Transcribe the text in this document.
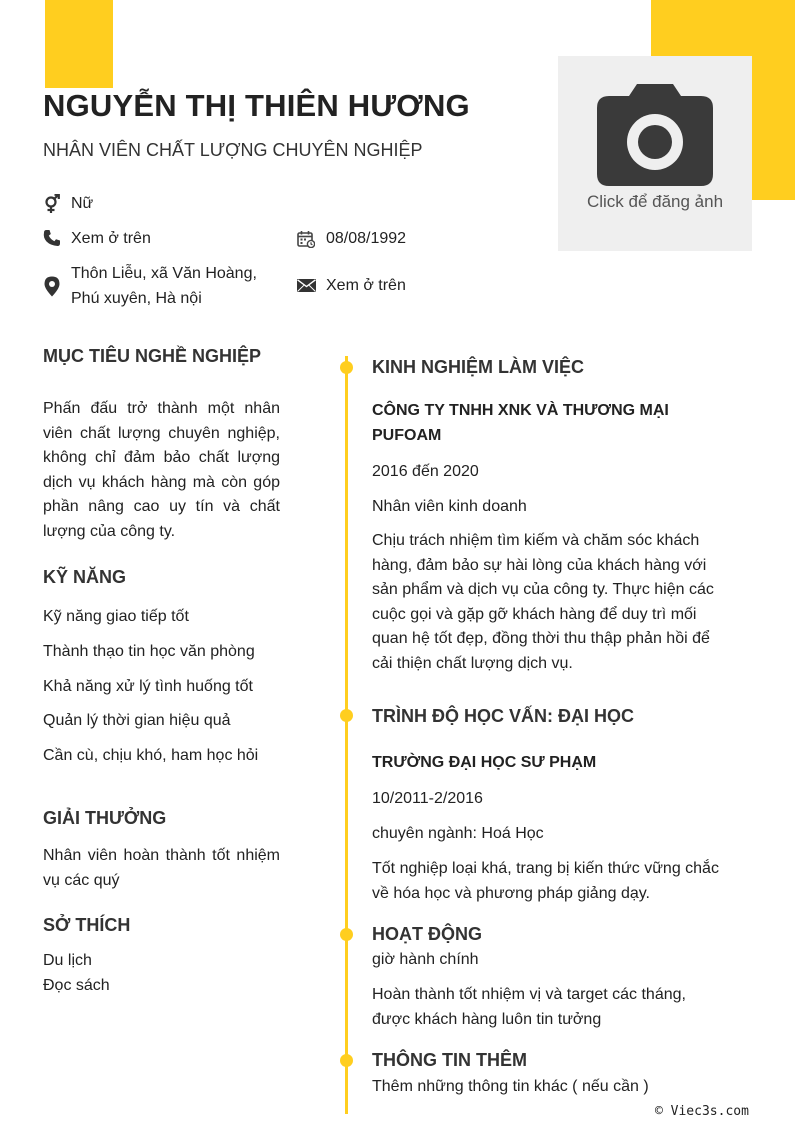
Click để đăng ảnh
NGUYỄN THỊ THIÊN HƯƠNG
NHÂN VIÊN CHẤT LƯỢNG CHUYÊN NGHIỆP
Nữ
Xem ở trên	08/08/1992
Thôn Liễu, xã Văn Hoàng,
Phú xuyên, Hà nội
Xem ở trên
MỤC TIÊU NGHỀ NGHIỆP
Phấn đấu trở thành một nhân viên chất lượng chuyên nghiệp, không chỉ đảm bảo chất lượng dịch vụ khách hàng mà còn góp phần nâng cao uy tín và chất lượng của công ty.
KỸ NĂNG
Kỹ năng giao tiếp tốt
Thành thạo tin học văn phòng
Khả năng xử lý tình huống tốt
Quản lý thời gian hiệu quả
Cần cù, chịu khó, ham học hỏi
GIẢI THƯỞNG
Nhân viên hoàn thành tốt nhiệm vụ các quý
SỞ THÍCH
Du lịch
Đọc sách
KINH NGHIỆM LÀM VIỆC
CÔNG TY TNHH XNK VÀ THƯƠNG MẠI PUFOAM
2016 đến 2020
Nhân viên kinh doanh
Chịu trách nhiệm tìm kiếm và chăm sóc khách hàng, đảm bảo sự hài lòng của khách hàng với sản phẩm và dịch vụ của công ty. Thực hiện các cuộc gọi và gặp gỡ khách hàng để duy trì mối quan hệ tốt đẹp, đồng thời thu thập phản hồi để cải thiện chất lượng dịch vụ.
TRÌNH ĐỘ HỌC VẤN: ĐẠI HỌC
TRƯỜNG ĐẠI HỌC SƯ PHẠM
10/2011-2/2016
chuyên ngành: Hoá Học
Tốt nghiệp loại khá, trang bị kiến thức vững chắc về hóa học và phương pháp giảng dạy.
HOẠT ĐỘNG
giờ hành chính
Hoàn thành tốt nhiệm vị và target các tháng, được khách hàng luôn tin tưởng
THÔNG TIN THÊM
Thêm những thông tin khác ( nếu cần )
© Viec3s.com
